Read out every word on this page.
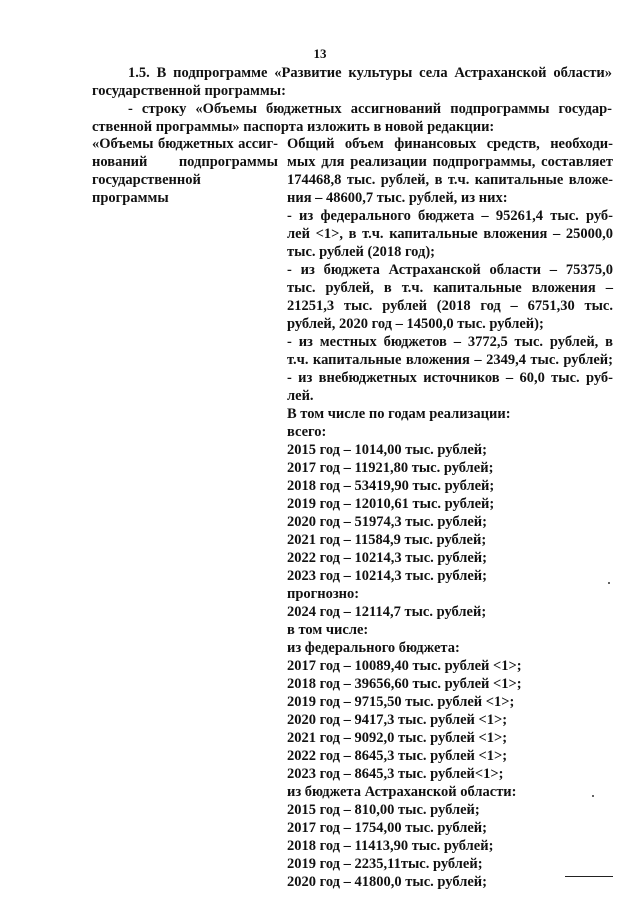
13

1.5. В подпрограмме «Развитие культуры села Астраханской области»

государственной программы:

- строку «Объемы бюджетных ассигнований подпрограммы государ-

ственной программы» паспорта изложить в новой редакции:

«Объемы бюджетных ассиг-
нований подпрограммы
государственной программы
Общий объем финансовых средств, необходи-
мых для реализации подпрограммы, составляет
174468,8 тыс. рублей, в т.ч. капитальные вложе-
ния – 48600,7 тыс. рублей, из них:
- из федерального бюджета – 95261,4 тыс. руб-
лей <1>, в т.ч. капитальные вложения – 25000,0
тыс. рублей (2018 год);
- из бюджета Астраханской области – 75375,0
тыс. рублей, в т.ч. капитальные вложения –
21251,3 тыс. рублей (2018 год – 6751,30 тыс.
рублей, 2020 год – 14500,0 тыс. рублей);
- из местных бюджетов – 3772,5 тыс. рублей, в
т.ч. капитальные вложения – 2349,4 тыс. рублей;
- из внебюджетных источников – 60,0 тыс. руб-
лей.
В том числе по годам реализации:
всего:
2015 год – 1014,00 тыс. рублей;
2017 год – 11921,80 тыс. рублей;
2018 год – 53419,90 тыс. рублей;
2019 год – 12010,61 тыс. рублей;
2020 год – 51974,3 тыс. рублей;
2021 год – 11584,9 тыс. рублей;
2022 год – 10214,3 тыс. рублей;
2023 год – 10214,3 тыс. рублей;
прогнозно:
2024 год – 12114,7 тыс. рублей;
в том числе:
из федерального бюджета:
2017 год – 10089,40 тыс. рублей <1>;
2018 год – 39656,60 тыс. рублей <1>;
2019 год – 9715,50 тыс. рублей <1>;
2020 год – 9417,3 тыс. рублей <1>;
2021 год – 9092,0 тыс. рублей <1>;
2022 год – 8645,3 тыс. рублей <1>;
2023 год – 8645,3 тыс. рублей<1>;
из бюджета Астраханской области:
2015 год – 810,00 тыс. рублей;
2017 год – 1754,00 тыс. рублей;
2018 год – 11413,90 тыс. рублей;
2019 год – 2235,11тыс. рублей;
2020 год – 41800,0 тыс. рублей;
